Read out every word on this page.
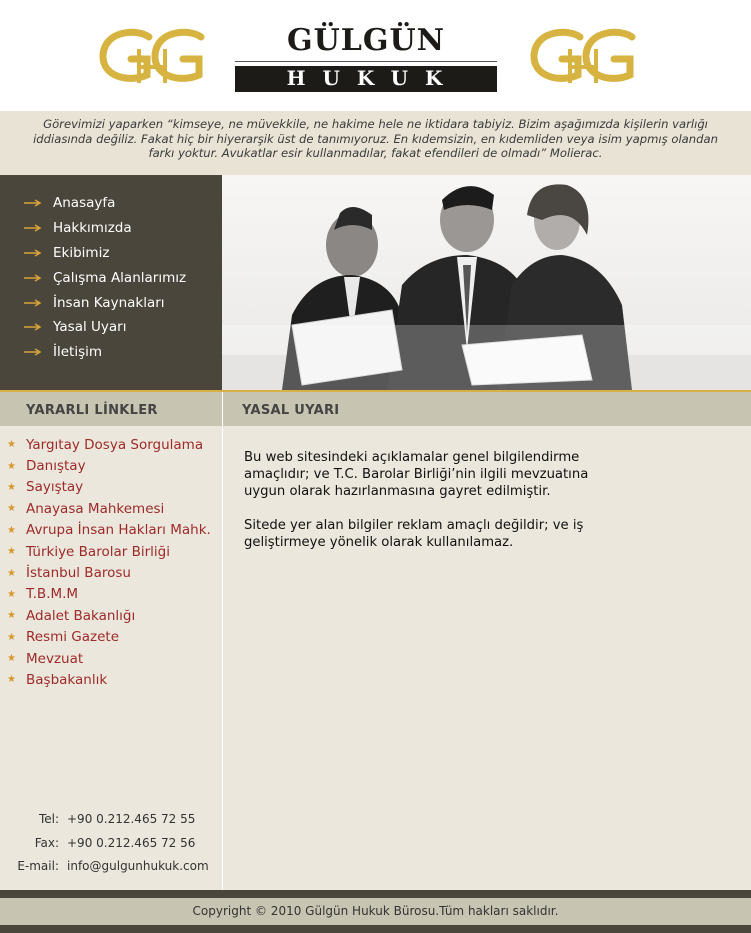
GÜLGÜN
HUKUK
Görevimizi yaparken “kimseye, ne müvekkile, ne hakime hele ne iktidara tabiyiz. Bizim aşağımızda kişilerin varlığı iddiasında değiliz. Fakat hiç bir hiyerarşik üst de tanımıyoruz. En kıdemsizin, en kıdemliden veya isim yapmış olandan farkı yoktur. Avukatlar esir kullanmadılar, fakat efendileri de olmadı” Molierac.
Anasayfa
Hakkımızda
Ekibimiz
Çalışma Alanlarımız
İnsan Kaynakları
Yasal Uyarı
İletişim
YARARLI LİNKLER
★ Yargıtay Dosya Sorgulama
★ Danıştay
★ Sayıştay
★ Anayasa Mahkemesi
★ Avrupa İnsan Hakları Mahk.
★ Türkiye Barolar Birliği
★ İstanbul Barosu
★ T.B.M.M
★ Adalet Bakanlığı
★ Resmi Gazete
★ Mevzuat
★ Başbakanlık
Tel: +90 0.212.465 72 55
Fax: +90 0.212.465 72 56
E-mail: info@gulgunhukuk.com
YASAL UYARI

Bu web sitesindeki açıklamalar genel bilgilendirme amaçlıdır; ve T.C. Barolar Birliği’nin ilgili mevzuatına uygun olarak hazırlanmasına gayret edilmiştir.

Sitede yer alan bilgiler reklam amaçlı değildir; ve iş geliştirmeye yönelik olarak kullanılamaz.

Copyright © 2010 Gülgün Hukuk Bürosu.Tüm hakları saklıdır.
